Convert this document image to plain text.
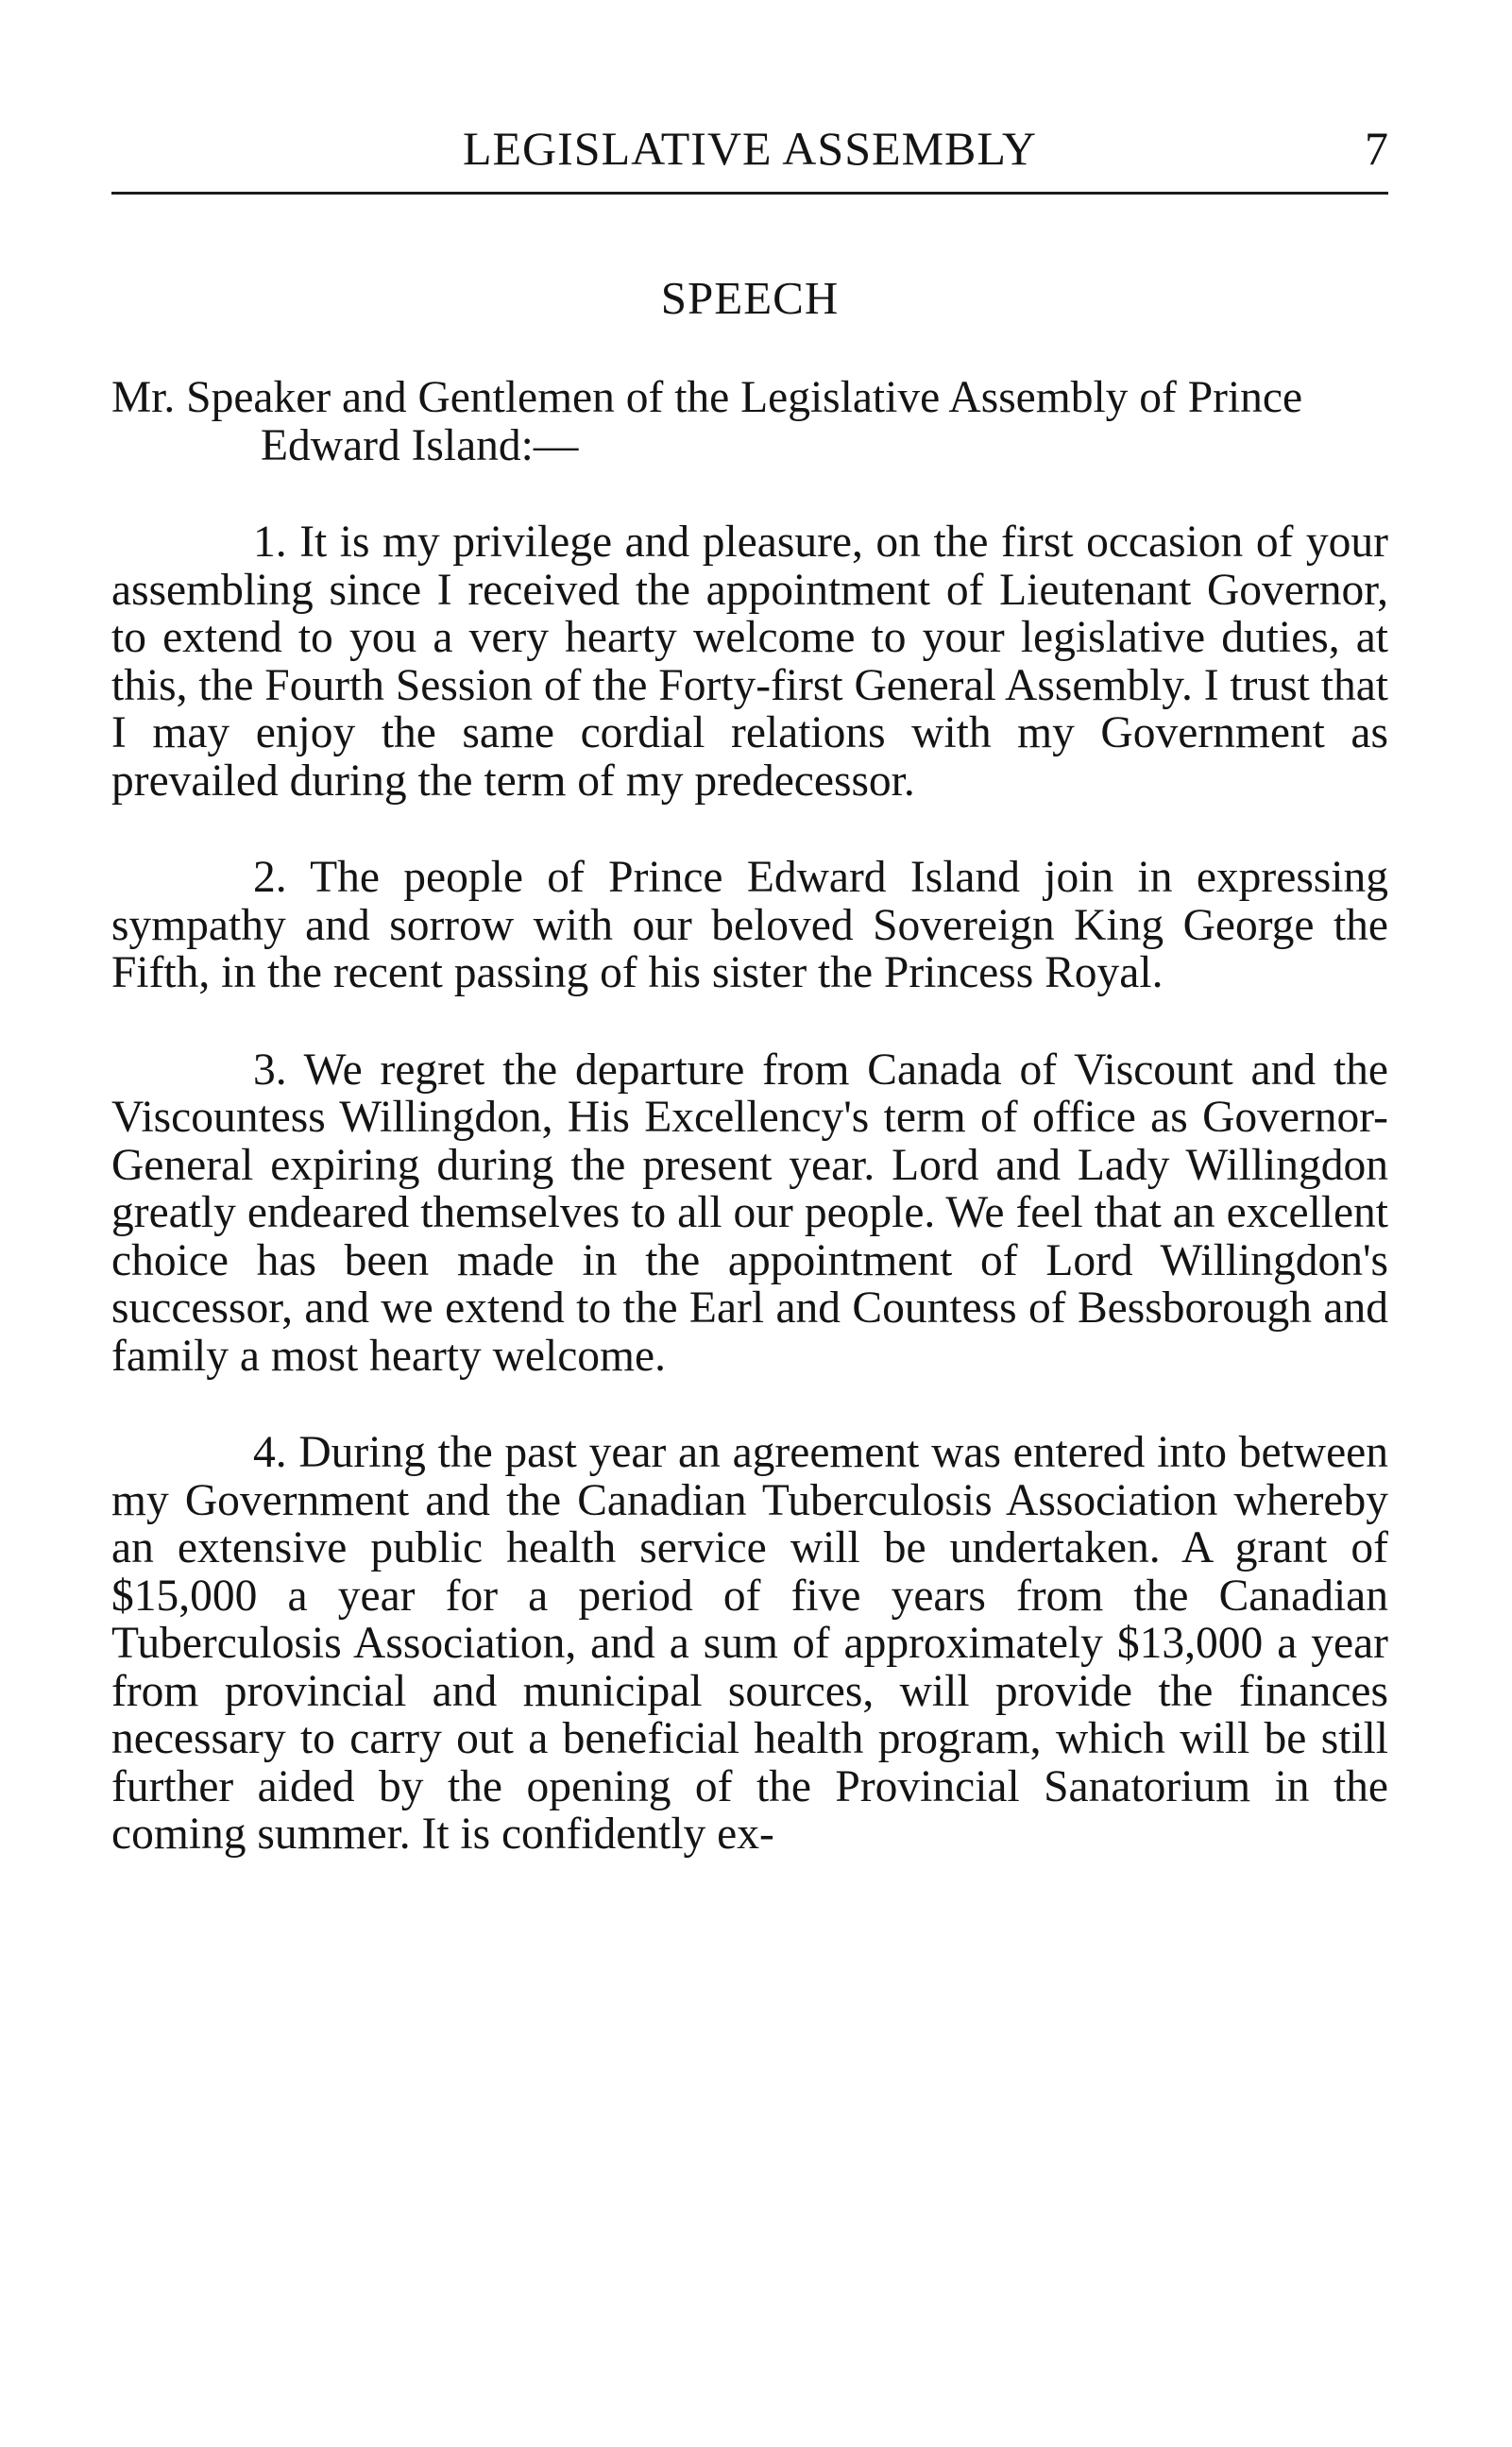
LEGISLATIVE ASSEMBLY	7
SPEECH

Mr. Speaker and Gentlemen of the Legislative Assembly of Prince Edward Island:—

1. It is my privilege and pleasure, on the first occasion of your assembling since I received the appointment of Lieutenant Governor, to extend to you a very hearty welcome to your legislative duties, at this, the Fourth Session of the Forty-first General Assembly. I trust that I may enjoy the same cordial relations with my Government as prevailed during the term of my predecessor.

2. The people of Prince Edward Island join in expressing sympathy and sorrow with our beloved Sovereign King George the Fifth, in the recent passing of his sister the Princess Royal.

3. We regret the departure from Canada of Viscount and the Viscountess Willingdon, His Excellency's term of office as Governor-General expiring during the present year. Lord and Lady Willingdon greatly endeared themselves to all our people. We feel that an excellent choice has been made in the appointment of Lord Willingdon's successor, and we extend to the Earl and Countess of Bessborough and family a most hearty welcome.

4. During the past year an agreement was entered into between my Government and the Canadian Tuberculosis Association whereby an extensive public health service will be undertaken. A grant of $15,000 a year for a period of five years from the Canadian Tuberculosis Association, and a sum of approximately $13,000 a year from provincial and municipal sources, will provide the finances necessary to carry out a beneficial health program, which will be still further aided by the opening of the Provincial Sanatorium in the coming summer. It is confidently ex-
